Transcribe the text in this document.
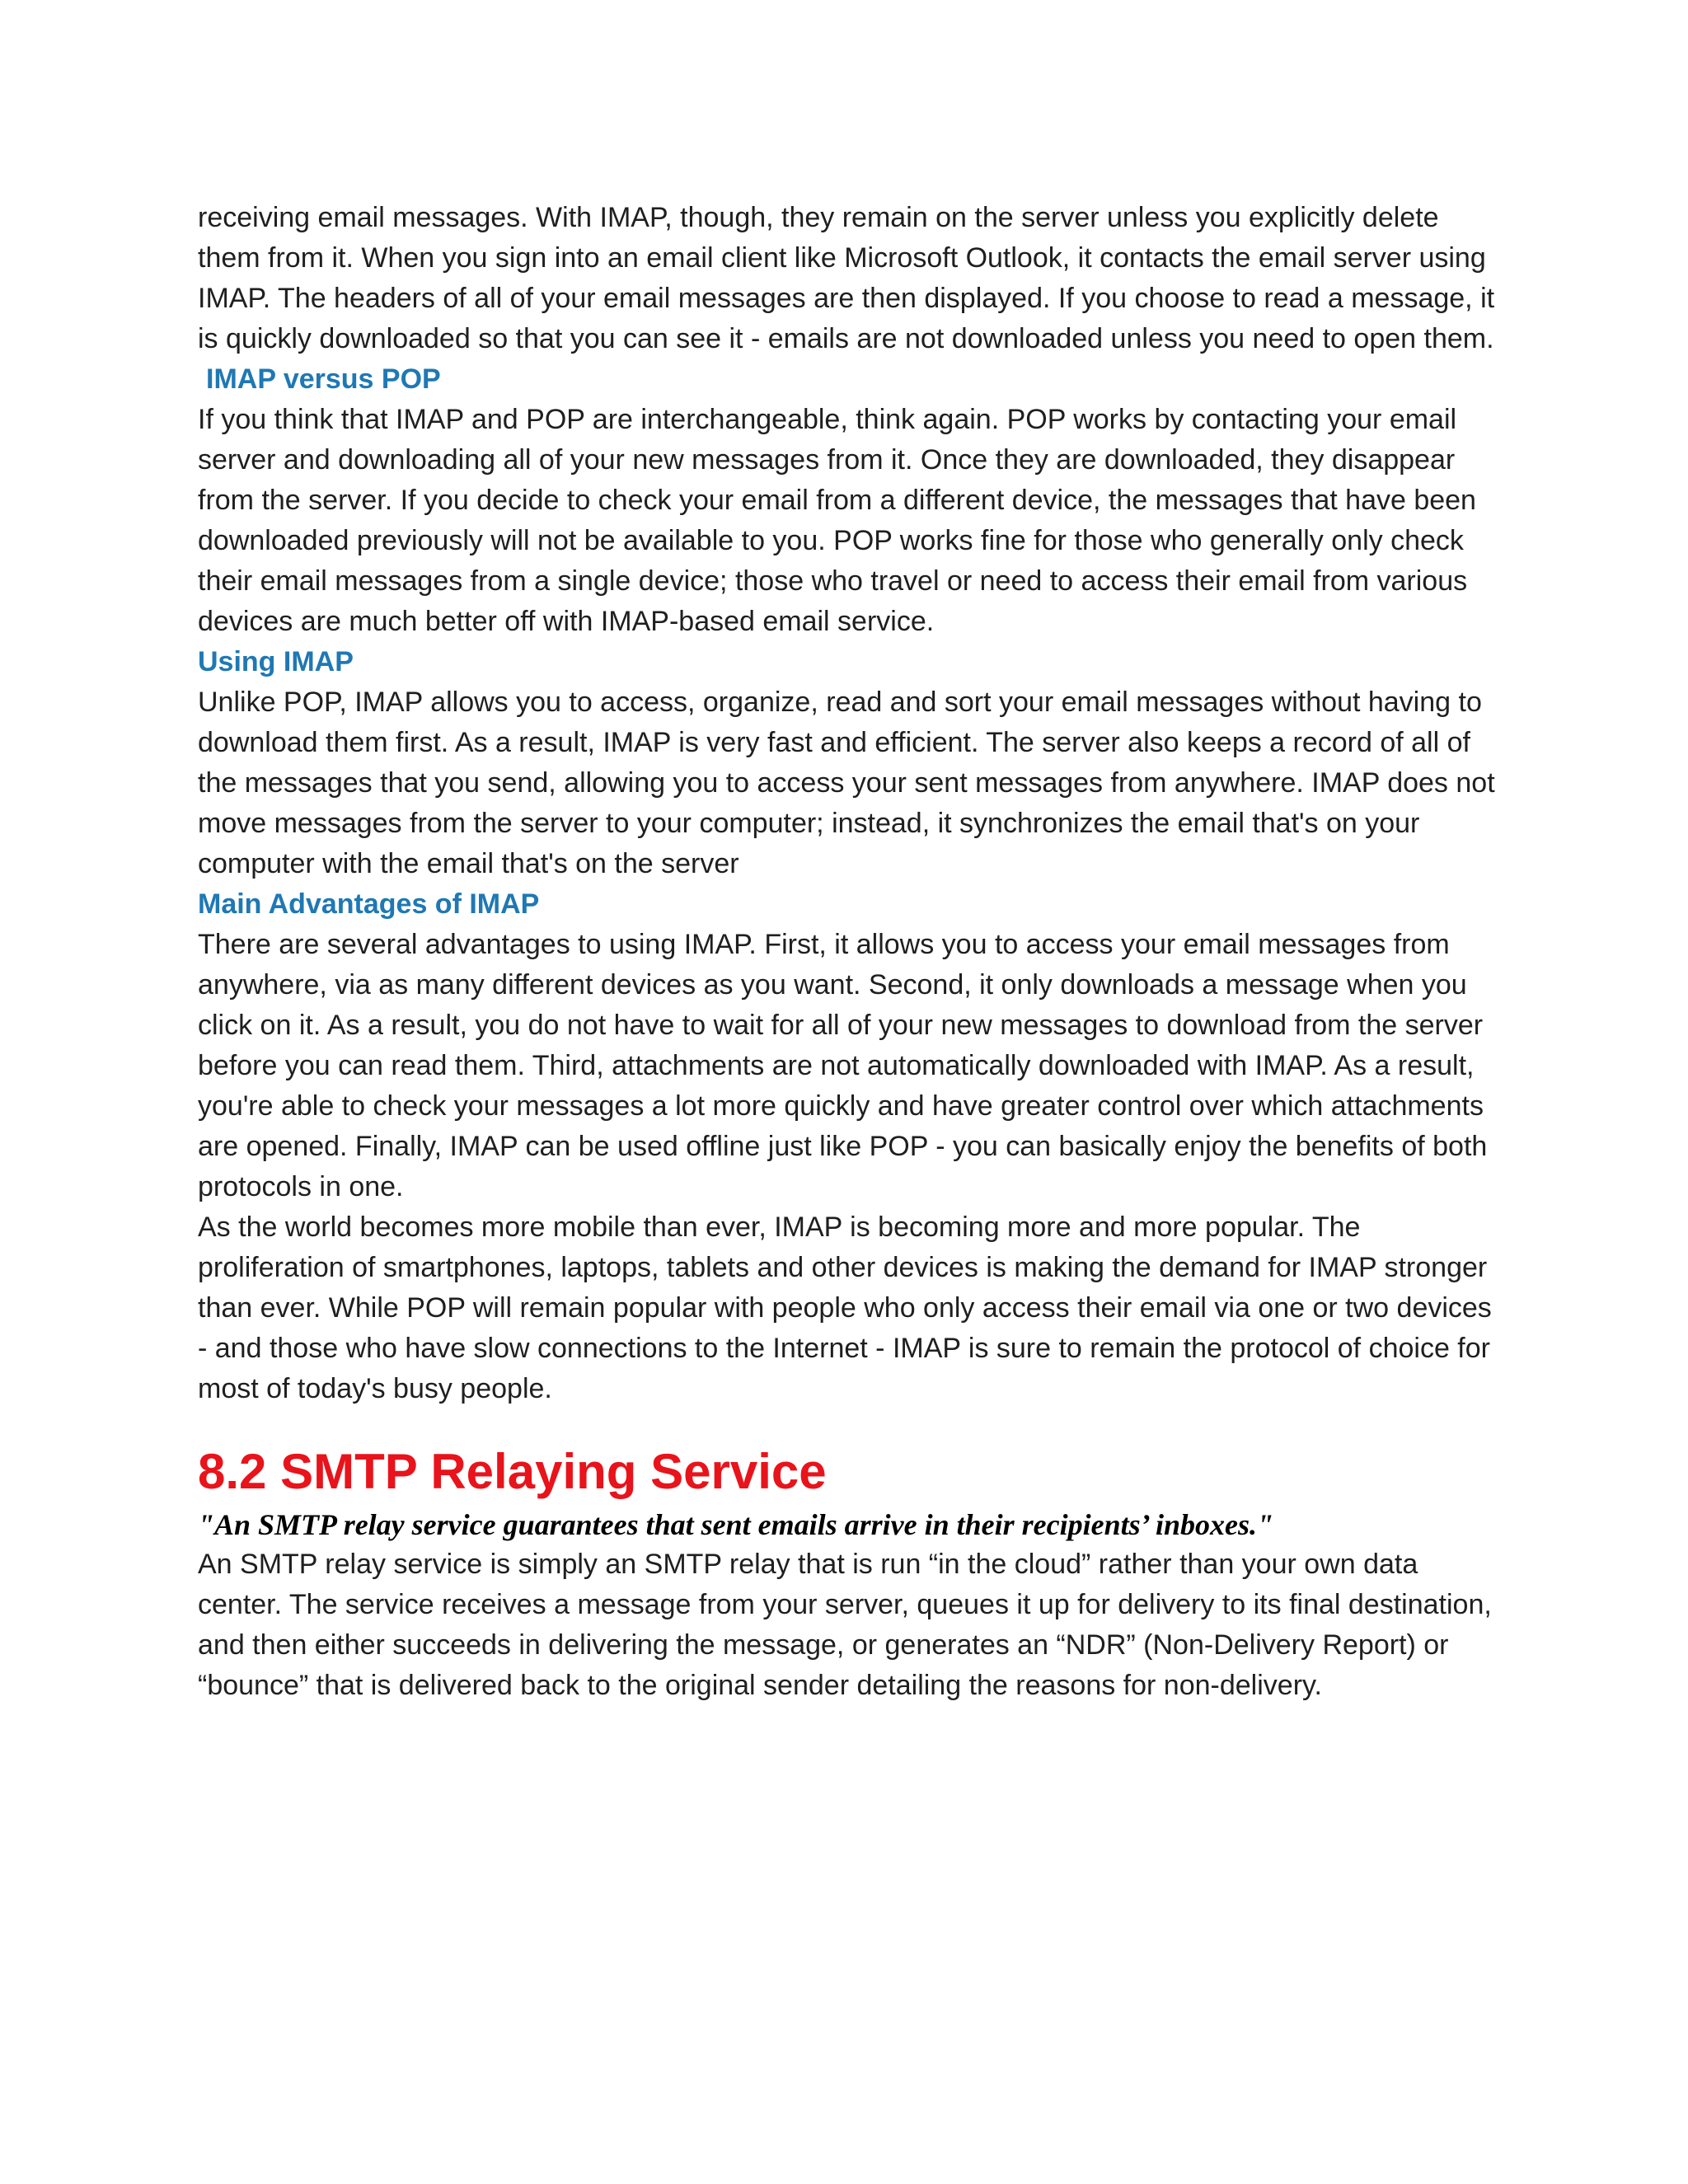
receiving email messages. With IMAP, though, they remain on the server unless you explicitly delete them from it. When you sign into an email client like Microsoft Outlook, it contacts the email server using IMAP. The headers of all of your email messages are then displayed. If you choose to read a message, it is quickly downloaded so that you can see it - emails are not downloaded unless you need to open them.

IMAP versus POP

If you think that IMAP and POP are interchangeable, think again. POP works by contacting your email server and downloading all of your new messages from it. Once they are downloaded, they disappear from the server. If you decide to check your email from a different device, the messages that have been downloaded previously will not be available to you. POP works fine for those who generally only check their email messages from a single device; those who travel or need to access their email from various devices are much better off with IMAP-based email service.

Using IMAP

Unlike POP, IMAP allows you to access, organize, read and sort your email messages without having to download them first. As a result, IMAP is very fast and efficient. The server also keeps a record of all of the messages that you send, allowing you to access your sent messages from anywhere. IMAP does not move messages from the server to your computer; instead, it synchronizes the email that's on your computer with the email that's on the server

Main Advantages of IMAP

There are several advantages to using IMAP. First, it allows you to access your email messages from anywhere, via as many different devices as you want. Second, it only downloads a message when you click on it. As a result, you do not have to wait for all of your new messages to download from the server before you can read them. Third, attachments are not automatically downloaded with IMAP. As a result, you're able to check your messages a lot more quickly and have greater control over which attachments are opened. Finally, IMAP can be used offline just like POP - you can basically enjoy the benefits of both protocols in one.

As the world becomes more mobile than ever, IMAP is becoming more and more popular. The proliferation of smartphones, laptops, tablets and other devices is making the demand for IMAP stronger than ever. While POP will remain popular with people who only access their email via one or two devices - and those who have slow connections to the Internet - IMAP is sure to remain the protocol of choice for most of today's busy people.

8.2 SMTP Relaying Service

"An SMTP relay service guarantees that sent emails arrive in their recipients’ inboxes."

An SMTP relay service is simply an SMTP relay that is run “in the cloud” rather than your own data center. The service receives a message from your server, queues it up for delivery to its final destination, and then either succeeds in delivering the message, or generates an “NDR” (Non-Delivery Report) or “bounce” that is delivered back to the original sender detailing the reasons for non-delivery.
